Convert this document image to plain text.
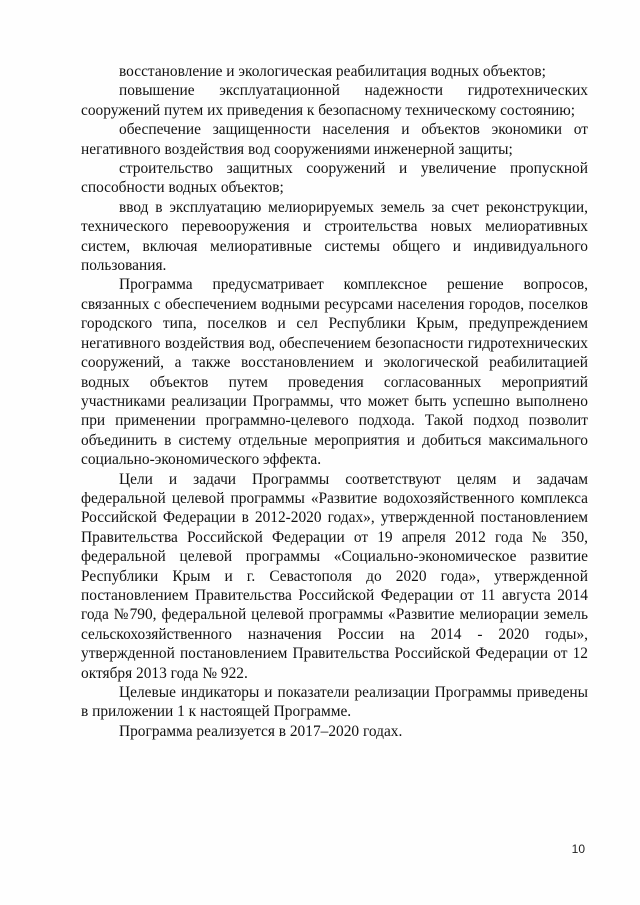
восстановление и экологическая реабилитация водных объектов;

повышение эксплуатационной надежности гидротехнических сооружений путем их приведения к безопасному техническому состоянию;

обеспечение защищенности населения и объектов экономики от негативного воздействия вод сооружениями инженерной защиты;

строительство защитных сооружений и увеличение пропускной способности водных объектов;

ввод в эксплуатацию мелиорируемых земель за счет реконструкции, технического перевооружения и строительства новых мелиоративных систем, включая мелиоративные системы общего и индивидуального пользования.

Программа предусматривает комплексное решение вопросов, связанных с обеспечением водными ресурсами населения городов, поселков городского типа, поселков и сел Республики Крым, предупреждением негативного воздействия вод, обеспечением безопасности гидротехнических сооружений, а также восстановлением и экологической реабилитацией водных объектов путем проведения согласованных мероприятий участниками реализации Программы, что может быть успешно выполнено при применении программно-целевого подхода. Такой подход позволит объединить в систему отдельные мероприятия и добиться максимального социально-экономического эффекта.

Цели и задачи Программы соответствуют целям и задачам федеральной целевой программы «Развитие водохозяйственного комплекса Российской Федерации в 2012-2020 годах», утвержденной постановлением Правительства Российской Федерации от 19 апреля 2012 года № 350, федеральной целевой программы «Социально-экономическое развитие Республики Крым и г. Севастополя до 2020 года», утвержденной постановлением Правительства Российской Федерации от 11 августа 2014 года №790, федеральной целевой программы «Развитие мелиорации земель сельскохозяйственного назначения России на 2014 - 2020 годы», утвержденной постановлением Правительства Российской Федерации от 12 октября 2013 года № 922.

Целевые индикаторы и показатели реализации Программы приведены в приложении 1 к настоящей Программе.

Программа реализуется в 2017–2020 годах.

10
